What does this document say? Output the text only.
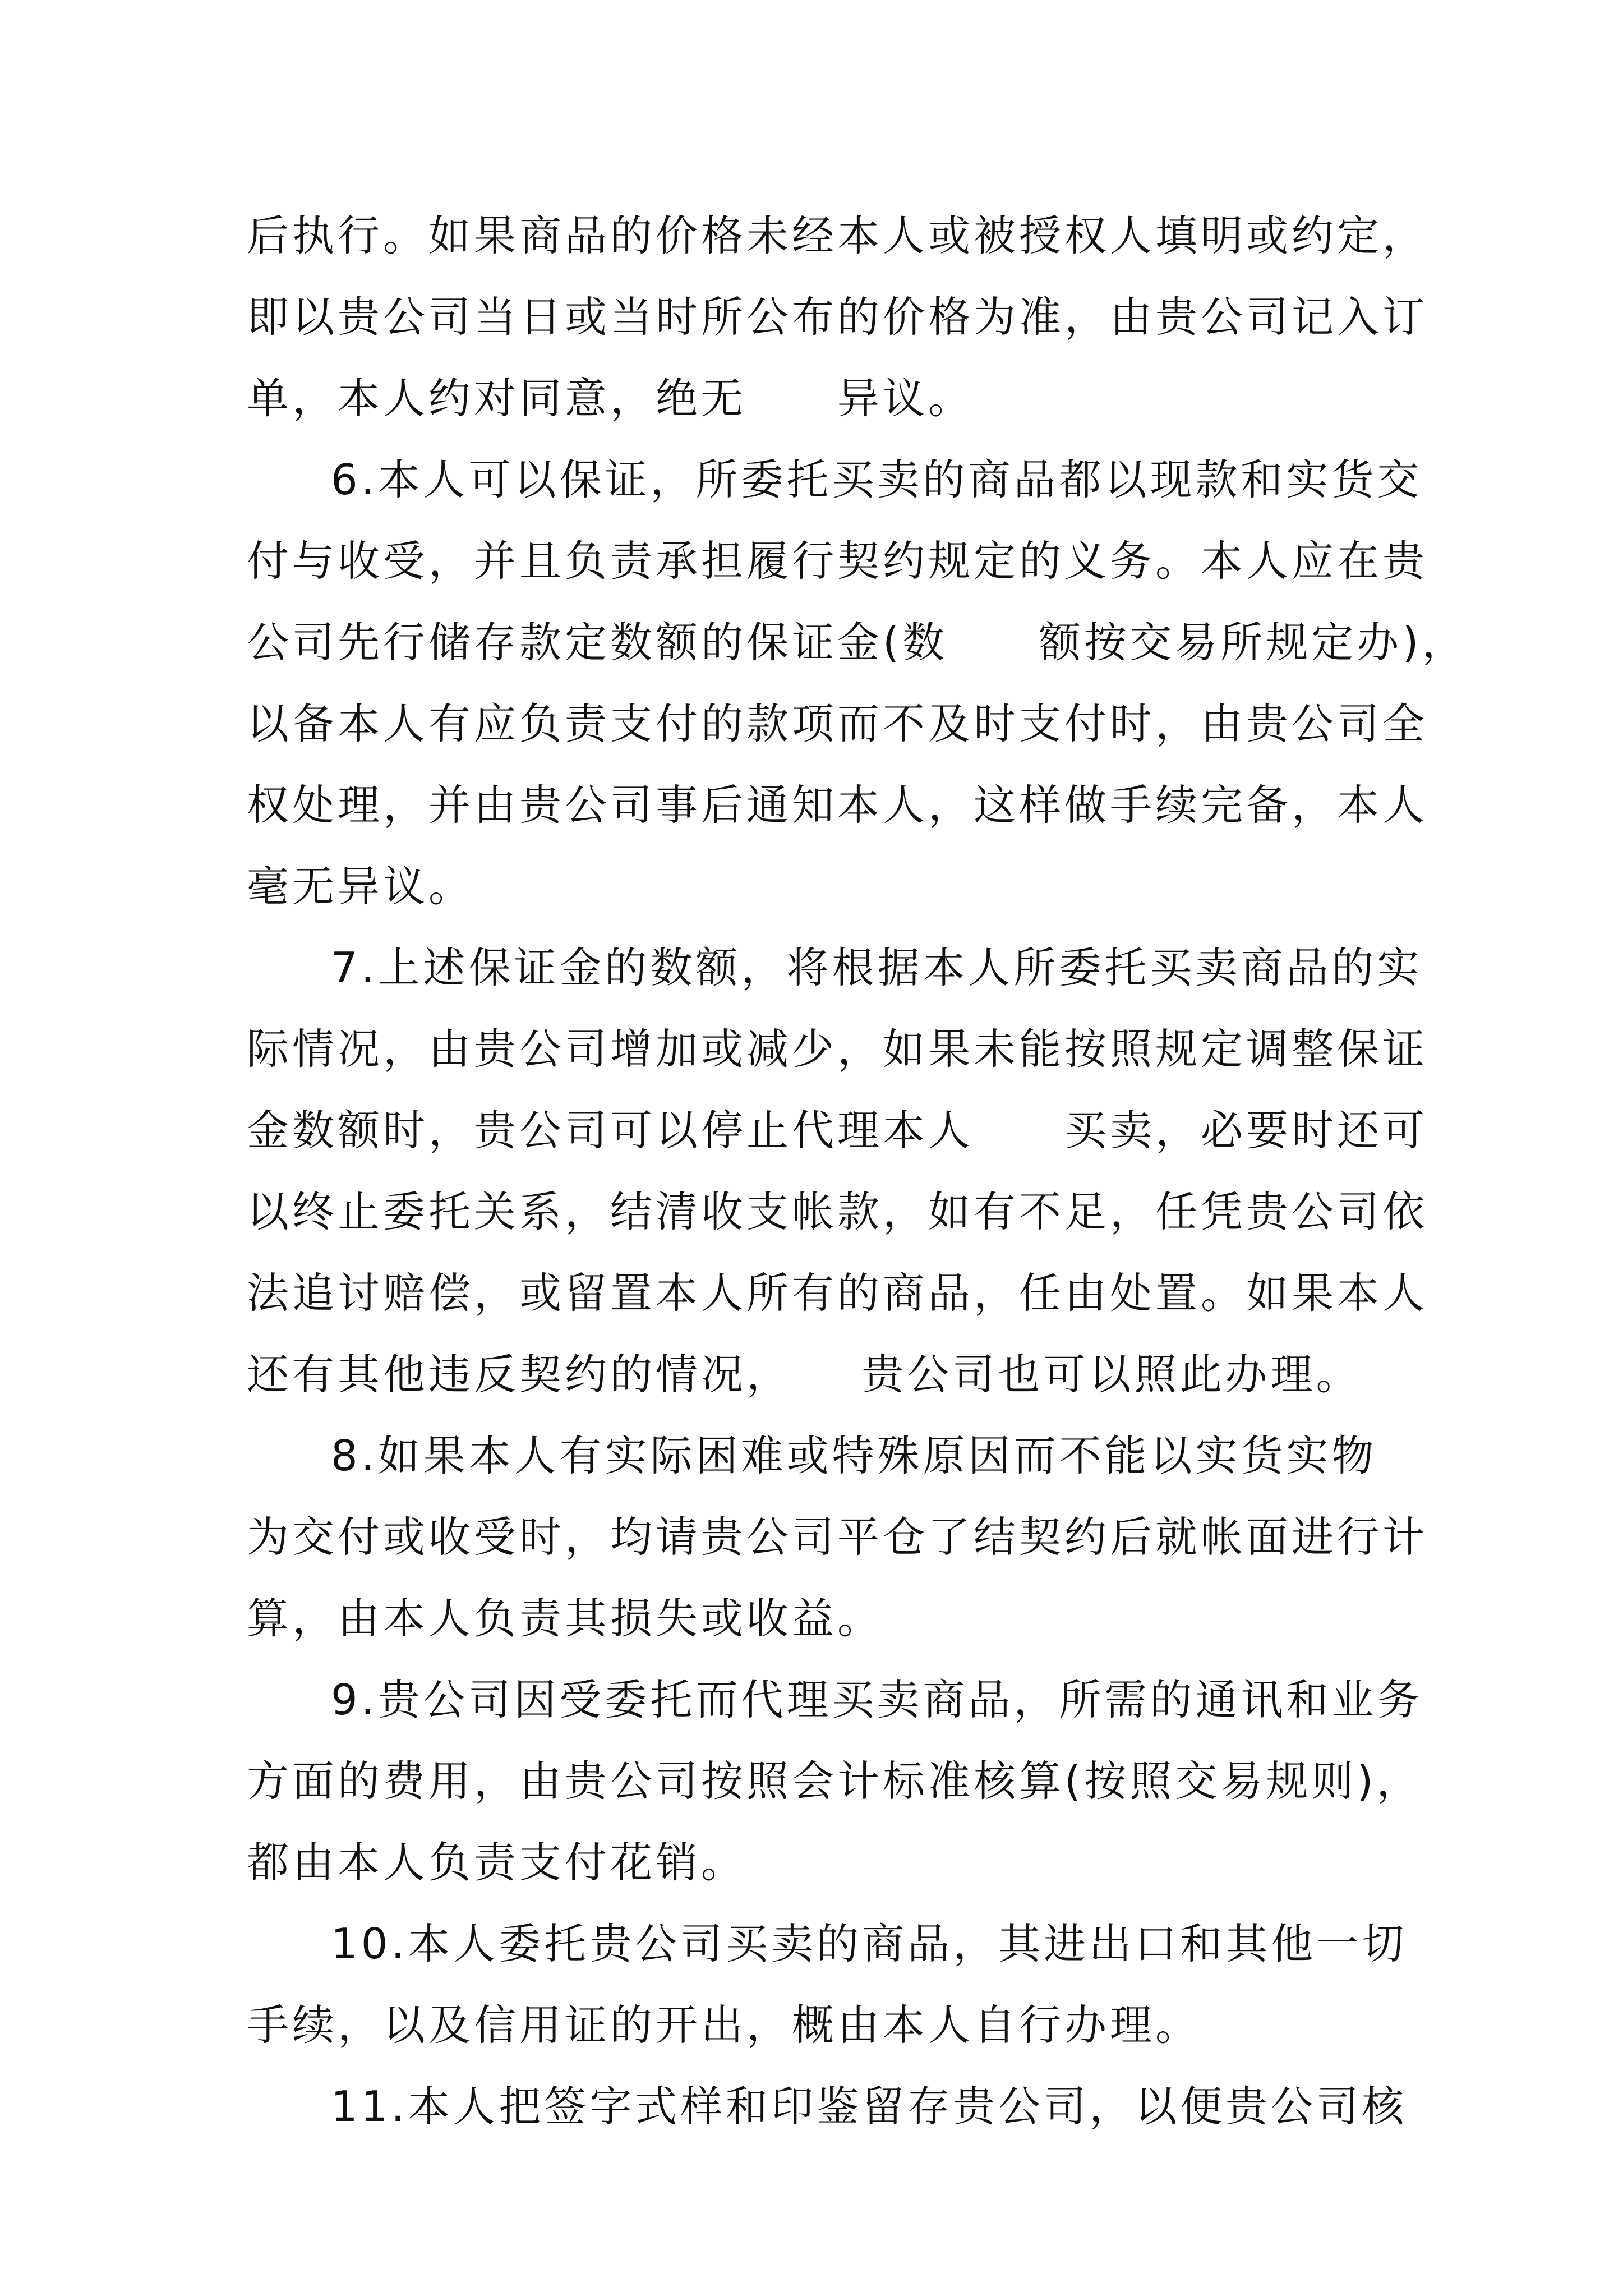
后执行。如果商品的价格未经本人或被授权人填明或约定，
即以贵公司当日或当时所公布的价格为准，由贵公司记入订
单，本人约对同意，绝无　　异议。
6.本人可以保证，所委托买卖的商品都以现款和实货交
付与收受，并且负责承担履行契约规定的义务。本人应在贵
公司先行储存款定数额的保证金(数　　额按交易所规定办)，
以备本人有应负责支付的款项而不及时支付时，由贵公司全
权处理，并由贵公司事后通知本人，这样做手续完备，本人
毫无异议。
7.上述保证金的数额，将根据本人所委托买卖商品的实
际情况，由贵公司增加或减少，如果未能按照规定调整保证
金数额时，贵公司可以停止代理本人　　买卖，必要时还可
以终止委托关系，结清收支帐款，如有不足，任凭贵公司依
法追讨赔偿，或留置本人所有的商品，任由处置。如果本人
还有其他违反契约的情况，　　贵公司也可以照此办理。
8.如果本人有实际困难或特殊原因而不能以实货实物
为交付或收受时，均请贵公司平仓了结契约后就帐面进行计
算，由本人负责其损失或收益。
9.贵公司因受委托而代理买卖商品，所需的通讯和业务
方面的费用，由贵公司按照会计标准核算(按照交易规则)，
都由本人负责支付花销。
10.本人委托贵公司买卖的商品，其进出口和其他一切
手续，以及信用证的开出，概由本人自行办理。
11.本人把签字式样和印鉴留存贵公司，以便贵公司核
